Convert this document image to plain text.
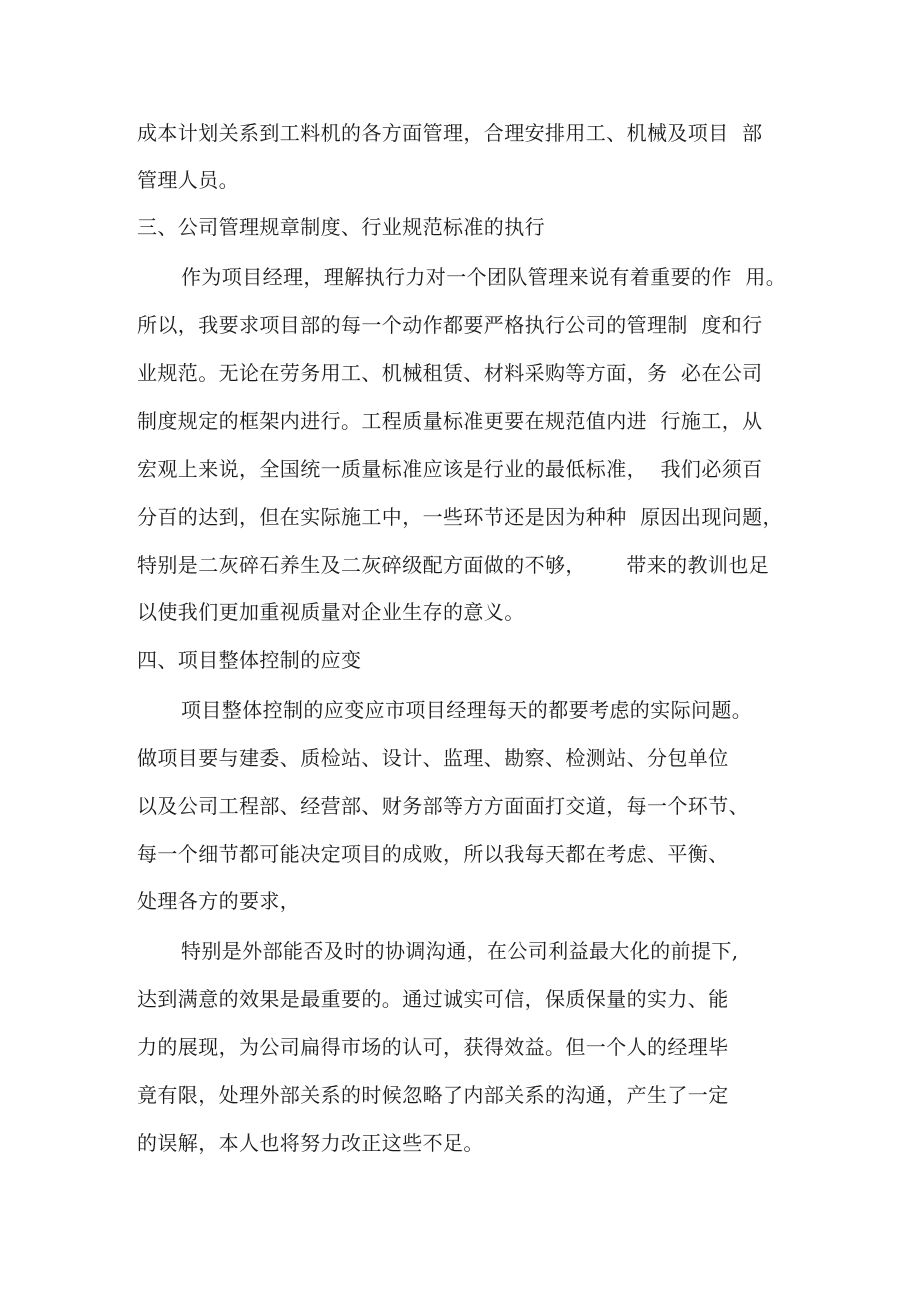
成本计划关系到工料机的各方面管理，合理安排用工、机械及项目  部
管理人员。
三、公司管理规章制度、行业规范标准的执行
作为项目经理，理解执行力对一个团队管理来说有着重要的作  用。
所以，我要求项目部的每一个动作都要严格执行公司的管理制  度和行
业规范。无论在劳务用工、机械租赁、材料采购等方面，务  必在公司
制度规定的框架内进行。工程质量标准更要在规范值内进  行施工，从
宏观上来说，全国统一质量标准应该是行业的最低标准，  我们必须百
分百的达到，但在实际施工中，一些环节还是因为种种  原因出现问题，
特别是二灰碎石养生及二灰碎级配方面做的不够，      带来的教训也足
以使我们更加重视质量对企业生存的意义。
四、项目整体控制的应变
项目整体控制的应变应市项目经理每天的都要考虑的实际问题。
做项目要与建委、质检站、设计、监理、勘察、检测站、分包单位
以及公司工程部、经营部、财务部等方方面面打交道，每一个环节、
每一个细节都可能决定项目的成败，所以我每天都在考虑、平衡、
处理各方的要求，
特别是外部能否及时的协调沟通，在公司利益最大化的前提下,
达到满意的效果是最重要的。通过诚实可信，保质保量的实力、能
力的展现，为公司扁得市场的认可，获得效益。但一个人的经理毕
竟有限，处理外部关系的时候忽略了内部关系的沟通，产生了一定
的误解，本人也将努力改正这些不足。
